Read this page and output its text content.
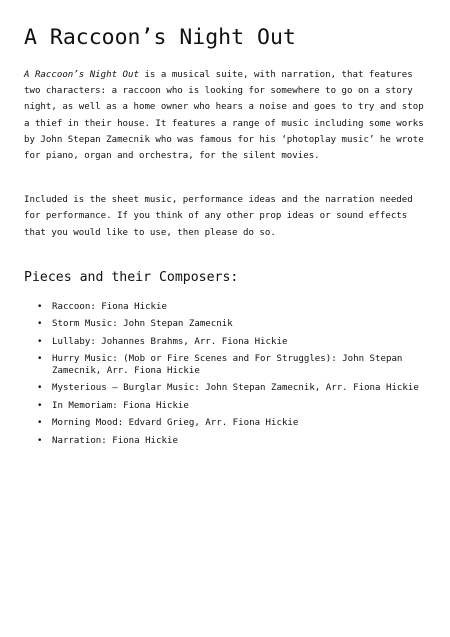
A Raccoon’s Night Out

A Raccoon’s Night Out is a musical suite, with narration, that features
two characters: a raccoon who is looking for somewhere to go on a story
night, as well as a home owner who hears a noise and goes to try and stop
a thief in their house. It features a range of music including some works
by John Stepan Zamecnik who was famous for his ‘photoplay music’ he wrote
for piano, organ and orchestra, for the silent movies.

Included is the sheet music, performance ideas and the narration needed
for performance. If you think of any other prop ideas or sound effects
that you would like to use, then please do so.

Pieces and their Composers:
• Raccoon: Fiona Hickie
• Storm Music: John Stepan Zamecnik
• Lullaby: Johannes Brahms, Arr. Fiona Hickie
• Hurry Music: (Mob or Fire Scenes and For Struggles): John Stepan
Zamecnik, Arr. Fiona Hickie
• Mysterious – Burglar Music: John Stepan Zamecnik, Arr. Fiona Hickie
• In Memoriam: Fiona Hickie
• Morning Mood: Edvard Grieg, Arr. Fiona Hickie
• Narration: Fiona Hickie
